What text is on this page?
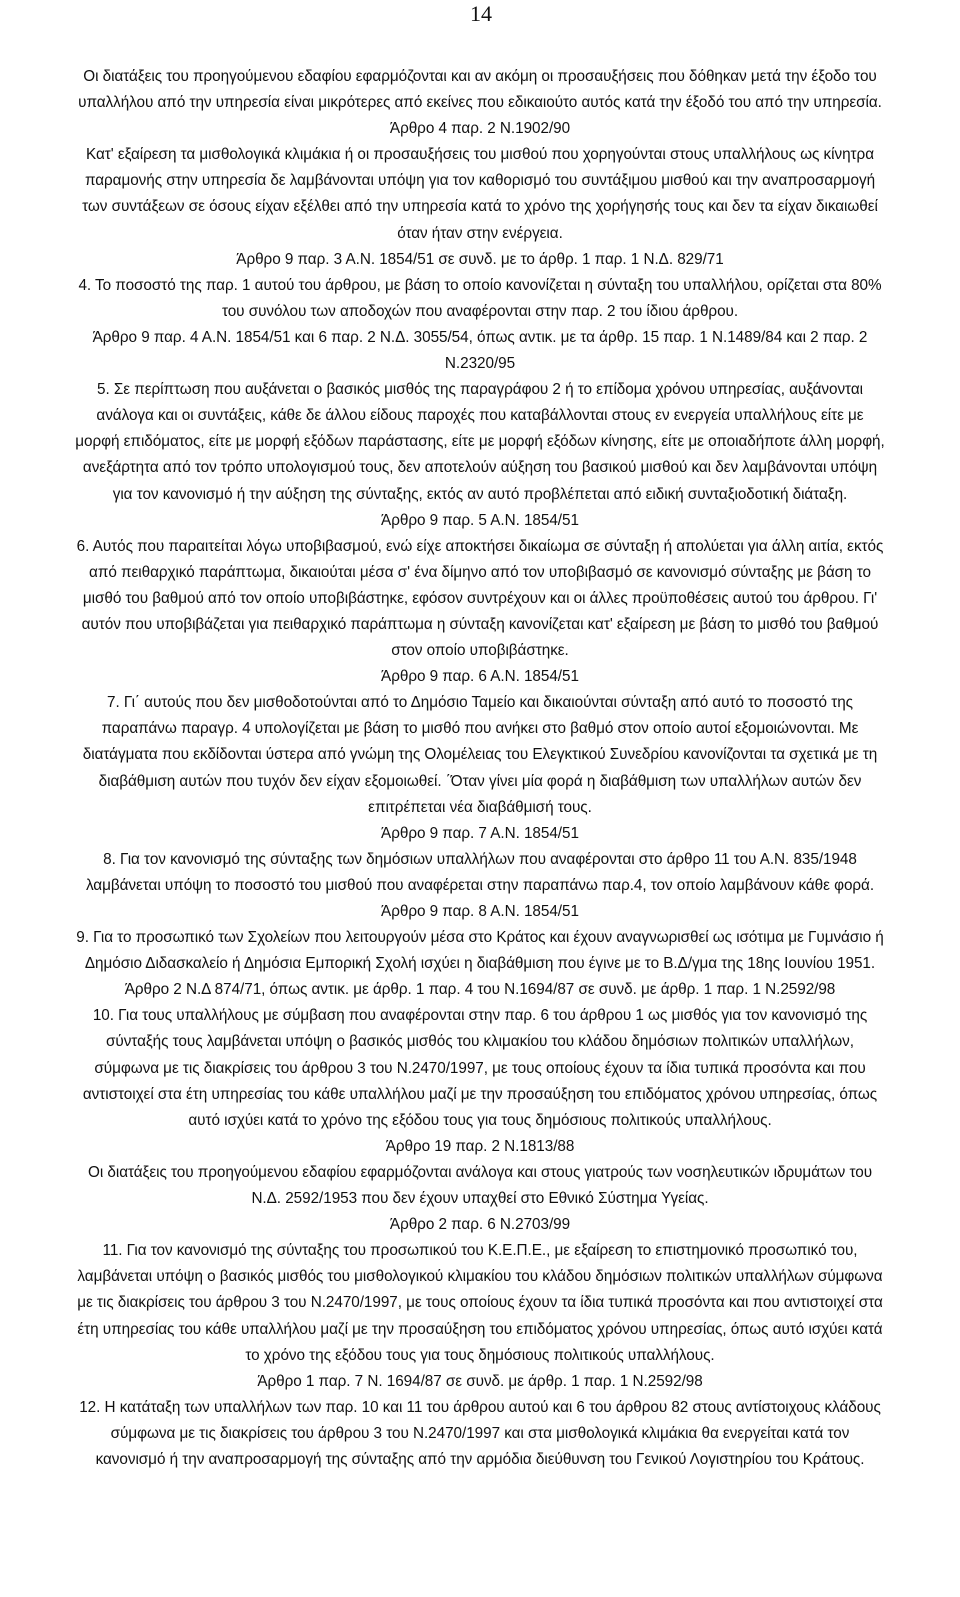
14

Οι διατάξεις του προηγούμενου εδαφίου εφαρμόζονται και αν ακόμη οι προσαυξήσεις που δόθηκαν μετά την έξοδο του

υπαλλήλου από την υπηρεσία είναι μικρότερες από εκείνες που εδικαιούτο αυτός κατά την έξοδό του από την υπηρεσία.

Άρθρο 4 παρ. 2 Ν.1902/90

Κατ' εξαίρεση τα μισθολογικά κλιμάκια ή οι προσαυξήσεις του μισθού που χορηγούνται στους υπαλλήλους ως κίνητρα

παραμονής στην υπηρεσία δε λαμβάνονται υπόψη για τον καθορισμό του συντάξιμου μισθού και την αναπροσαρμογή

των συντάξεων σε όσους είχαν εξέλθει από την υπηρεσία κατά το χρόνο της χορήγησής τους και δεν τα είχαν δικαιωθεί

όταν ήταν στην ενέργεια.

Άρθρο 9 παρ. 3 Α.Ν. 1854/51 σε συνδ. με το άρθρ. 1 παρ. 1 Ν.Δ. 829/71

4. Το ποσοστό της παρ. 1 αυτού του άρθρου, με βάση το οποίο κανονίζεται η σύνταξη του υπαλλήλου, ορίζεται στα 80%

του συνόλου των αποδοχών που αναφέρονται στην παρ. 2 του ίδιου άρθρου.

Άρθρο 9 παρ. 4 Α.Ν. 1854/51 και 6 παρ. 2 Ν.Δ. 3055/54, όπως αντικ. με τα άρθρ. 15 παρ. 1 Ν.1489/84 και 2 παρ. 2

Ν.2320/95

5. Σε περίπτωση που αυξάνεται ο βασικός μισθός της παραγράφου 2 ή το επίδομα χρόνου υπηρεσίας, αυξάνονται

ανάλογα και οι συντάξεις, κάθε δε άλλου είδους παροχές που καταβάλλονται στους εν ενεργεία υπαλλήλους είτε με

μορφή επιδόματος, είτε με μορφή εξόδων παράστασης, είτε με μορφή εξόδων κίνησης, είτε με οποιαδήποτε άλλη μορφή,

ανεξάρτητα από τον τρόπο υπολογισμού τους, δεν αποτελούν αύξηση του βασικού μισθού και δεν λαμβάνονται υπόψη

για τον κανονισμό ή την αύξηση της σύνταξης, εκτός αν αυτό προβλέπεται από ειδική συνταξιοδοτική διάταξη.

Άρθρο 9 παρ. 5 Α.Ν. 1854/51

6. Αυτός που παραιτείται λόγω υποβιβασμού, ενώ είχε αποκτήσει δικαίωμα σε σύνταξη ή απολύεται για άλλη αιτία, εκτός

από πειθαρχικό παράπτωμα, δικαιούται μέσα σ' ένα δίμηνο από τον υποβιβασμό σε κανονισμό σύνταξης με βάση το

μισθό του βαθμού από τον οποίο υποβιβάστηκε, εφόσον συντρέχουν και οι άλλες προϋποθέσεις αυτού του άρθρου. Γι'

αυτόν που υποβιβάζεται για πειθαρχικό παράπτωμα η σύνταξη κανονίζεται κατ' εξαίρεση με βάση το μισθό του βαθμού

στον οποίο υποβιβάστηκε.

Άρθρο 9 παρ. 6 Α.Ν. 1854/51

7. Γι΄ αυτούς που δεν μισθοδοτούνται από το Δημόσιο Ταμείο και δικαιούνται σύνταξη από αυτό το ποσοστό της

παραπάνω παραγρ. 4 υπολογίζεται με βάση το μισθό που ανήκει στο βαθμό στον οποίο αυτοί εξομοιώνονται. Με

διατάγματα που εκδίδονται ύστερα από γνώμη της Ολομέλειας του Ελεγκτικού Συνεδρίου κανονίζονται τα σχετικά με τη

διαβάθμιση αυτών που τυχόν δεν είχαν εξομοιωθεί. ΄Όταν γίνει μία φορά η διαβάθμιση των υπαλλήλων αυτών δεν

επιτρέπεται νέα διαβάθμισή τους.

Άρθρο 9 παρ. 7 Α.Ν. 1854/51

8. Για τον κανονισμό της σύνταξης των δημόσιων υπαλλήλων που αναφέρονται στο άρθρο 11 του Α.Ν. 835/1948

λαμβάνεται υπόψη το ποσοστό του μισθού που αναφέρεται στην παραπάνω παρ.4, τον οποίο λαμβάνουν κάθε φορά.

Άρθρο 9 παρ. 8 Α.Ν. 1854/51

9. Για το προσωπικό των Σχολείων που λειτουργούν μέσα στο Κράτος και έχουν αναγνωρισθεί ως ισότιμα με Γυμνάσιο ή

Δημόσιο Διδασκαλείο ή Δημόσια Εμπορική Σχολή ισχύει η διαβάθμιση που έγινε με το Β.Δ/γμα της 18ης Ιουνίου 1951.

Άρθρο 2 Ν.Δ 874/71, όπως αντικ. με άρθρ. 1 παρ. 4 του Ν.1694/87 σε συνδ. με άρθρ. 1 παρ. 1 Ν.2592/98

10. Για τους υπαλλήλους με σύμβαση που αναφέρονται στην παρ. 6 του άρθρου 1 ως μισθός για τον κανονισμό της

σύνταξής τους λαμβάνεται υπόψη ο βασικός μισθός του κλιμακίου του κλάδου δημόσιων πολιτικών υπαλλήλων,

σύμφωνα με τις διακρίσεις του άρθρου 3 του Ν.2470/1997, με τους οποίους έχουν τα ίδια τυπικά προσόντα και που

αντιστοιχεί στα έτη υπηρεσίας του κάθε υπαλλήλου μαζί με την προσαύξηση του επιδόματος χρόνου υπηρεσίας, όπως

αυτό ισχύει κατά το χρόνο της εξόδου τους για τους δημόσιους πολιτικούς υπαλλήλους.

Άρθρο 19 παρ. 2 Ν.1813/88

Οι διατάξεις του προηγούμενου εδαφίου εφαρμόζονται ανάλογα και στους γιατρούς των νοσηλευτικών ιδρυμάτων του

Ν.Δ. 2592/1953 που δεν έχουν υπαχθεί στο Εθνικό Σύστημα Υγείας.

Άρθρο 2 παρ. 6 Ν.2703/99

11. Για τον κανονισμό της σύνταξης του προσωπικού του Κ.Ε.Π.Ε., με εξαίρεση το επιστημονικό προσωπικό του,

λαμβάνεται υπόψη ο βασικός μισθός του μισθολογικού κλιμακίου του κλάδου δημόσιων πολιτικών υπαλλήλων σύμφωνα

με τις διακρίσεις του άρθρου 3 του Ν.2470/1997, με τους οποίους έχουν τα ίδια τυπικά προσόντα και που αντιστοιχεί στα

έτη υπηρεσίας του κάθε υπαλλήλου μαζί με την προσαύξηση του επιδόματος χρόνου υπηρεσίας, όπως αυτό ισχύει κατά

το χρόνο της εξόδου τους για τους δημόσιους πολιτικούς υπαλλήλους.

Άρθρο 1 παρ. 7 Ν. 1694/87 σε συνδ. με άρθρ. 1 παρ. 1 Ν.2592/98

12. Η κατάταξη των υπαλλήλων των παρ. 10 και 11 του άρθρου αυτού και 6 του άρθρου 82 στους αντίστοιχους κλάδους

σύμφωνα με τις διακρίσεις του άρθρου 3 του Ν.2470/1997 και στα μισθολογικά κλιμάκια θα ενεργείται κατά τον

κανονισμό ή την αναπροσαρμογή της σύνταξης από την αρμόδια διεύθυνση του Γενικού Λογιστηρίου του Κράτους.
